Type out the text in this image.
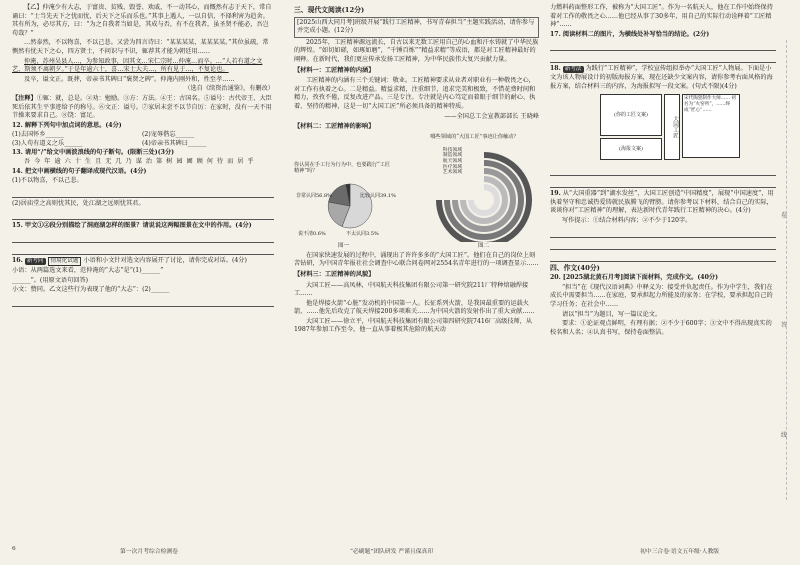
【乙】仲淹少有大志，于富贵、贫贱、毁誉、欢戚，不一动其心，而慨然有志于天下，常自诵曰：“士当先天下之忧而忧，后天下之乐而乐也。”其事上遇人，一以自信，不择利害为趋舍。其有所为，必尽其方，曰：“为之自我者当如是，其成与否，有不在我者，虽圣贤不能必，吾岂苟哉？”

…然泰然，不以物喜，不以己悲。又尝为四言诗曰：“某某某某，某某某某。”其位虽疏，常恻然有忧天下之心，四方贤士，不问识与不识，辄荐其才能为朝廷用……

仲淹，苏州吴县人…，为参知政事，因其文…宋仁宗时…仲淹…而卒。…“人若有道之文艺，斯须不离朝夕。”于是年逾六十，喜…宋士大夫…，所有见于…，不复论也。

及卒，谥文正。既葬，帝亲书其碑曰“褒贤之碑”。仲淹内刚外和，性至孝……

（选自《续资治通鉴》，有删改）

【注释】①辄：就，总是。②劝：勉励。③方：方法。④王：古国名。⑤谥号：古代帝王、大臣死后依其生平事迹给予的称号。⑥文正：谥号。⑦家居未尝不以节自厉：在家时，没有一天不用节操来要求自己。⑧饶：富足。

12. 解释下列句中加点词的意思。(4分)

(1)去国怀乡______	(2)宠辱偕忘______
(3)人苟有道义之乐______	(4)帝亲书其碑曰______

13. 请用“/”给文中画波浪线的句子断句。(限断三处)(3分)

吾 今 年 逾 六 十 生 且 无 几 乃 谋 治 第 树 园 圃 顾 何 待 而 居 乎

14. 把文中画横线的句子翻译成现代汉语。(4分)

(1)不以物喜，不以己悲。

(2)居庙堂之高则忧其民，处江湖之远则忧其君。

15. 甲文①②段分别描绘了洞庭湖怎样的图景？请说说这两幅图景在文中的作用。(4分)

16. 新考向 情境化试题 小语和小文针对选文内容展开了讨论，请你完成对话。(4分)

小语：从两篇选文来看，范仲淹的“大志”是“(1)______”

______”。(用原文语句回答)

小文：赞同。乙文这些行为表现了他的“大志”：(2)______

三、现代文阅读(12分)

[2025山西大同月考]班级开展“践行工匠精神，书写青春担当”主题实践活动，请你参与并完成小题。(12分)

2025年，工匠精神源远流长，自古以来无数工匠用自己的心血和汗水铸就了中华民族的辉煌。“如切如磋，如琢如磨”，“千锤百炼”“精益求精”等成语，都是对工匠精神最好的阐释。在新时代，我们更应传承发扬工匠精神，为中华民族伟大复兴贡献力量。

【材料一：工匠精神的内涵】

工匠精神的内涵有三个关键词：敬业。工匠精神要求从业者对职业有一种敬畏之心，对工作有执着之心。二是精益。精益求精，注重细节，追求完美和极致，不惜花费时间和精力，孜孜不倦，反复改进产品。三是专注。专注就是内心笃定而着眼于细节的耐心、执着、坚持的精神，这是一切“大国工匠”所必须具备的精神特质。

——全国总工会宣教部部长 王晓峰

【材料二：工匠精神的影响】

你认同在手工行为行为中，也要践行“工匠精神”吗？
非常认同56.8%	比较认同39.1%
说不清0.6%	不太认同3.5%
图一
哪些领域的“大国工匠”事迹让你触动？
科技领域
制造领域
航天领域
医疗领域
艺术领域
图二

在国家快速发展的过程中，涌现出了许许多多的“大国工匠”。他们在自己的岗位上刻苦钻研，为中国青年报社社会调查中心联合问卷网对2554名青年进行的一项调查显示……

【材料三：工匠精神的风貌】

大国工匠——高凤林，中国航天科技集团有限公司第一研究院211厂特种熔融焊接工……

他是焊接火箭“心脏”发动机的中国第一人。长征系列火箭，是我国最重要的运载火箭，……他先后攻克了航天焊接200多项难关……为中国火箭的发射作出了重大贡献……

大国工匠——徐立平，中国航天科技集团有限公司第四研究院7416厂高级技师，从1987年参加工作至今，他一直从事着极其危险的航天动

力燃料药面整形工作，被称为“大国工匠”。作为一名航天人，他在工作中始终保持着对工作的敬畏之心……他已经从事了30多年，用自己的实际行动诠释着“工匠精神”……

17. 阅读材料二的图片，为横线处补写恰当的结论。(2分)

18. 新考法 为践行“工匠精神”，学校宣传组拟举办“大国工匠”人物展。下面是小文为该人物展设计的初版海报方案，现在还缺少文案内容，请你参考右面风格的海报方案，结合材料三的内容，为海报拟写一段文案。(句式不限)(4分)

(你的工匠文案)
(海报文案)
大国工匠
宋代陶瓷制作大师…… 初名为“火窑所”，……终成“匠心”……

19. 从“大国重器”到“湖水发丝”，大国工匠创造“中国精度”，展现“中国速度”，用执着坚守和忠诚热爱铸就民族腾飞的臂膀。请你参考以下材料，结合自己的实际，谈谈你对“工匠精神”的理解，表达新时代青年践行工匠精神的决心。(4分)

写作提示：①结合材料内容；②不少于120字。

四、作文(40分)

20. [2025湖北黄石月考]阅读下面材料，完成作文。(40分)

“担当”在《现代汉语词典》中释义为：接受并负起责任。作为中学生，我们在成长中需要担当……在家庭，要承担起力所能及的家务；在学校，要承担起自己的学习任务；在社会中……

请以“担当”为题目，写一篇议论文。

要求：①论证观点鲜明，有理有据；②不少于600字；③文中不得出现真实的校名和人名；④认真书写，保持卷面整洁。

卷
答
线
6	第一次月考综合检测卷	“必刷题”团队研发 严谨且保真印	初中三合卷·语文五年级·人教版
